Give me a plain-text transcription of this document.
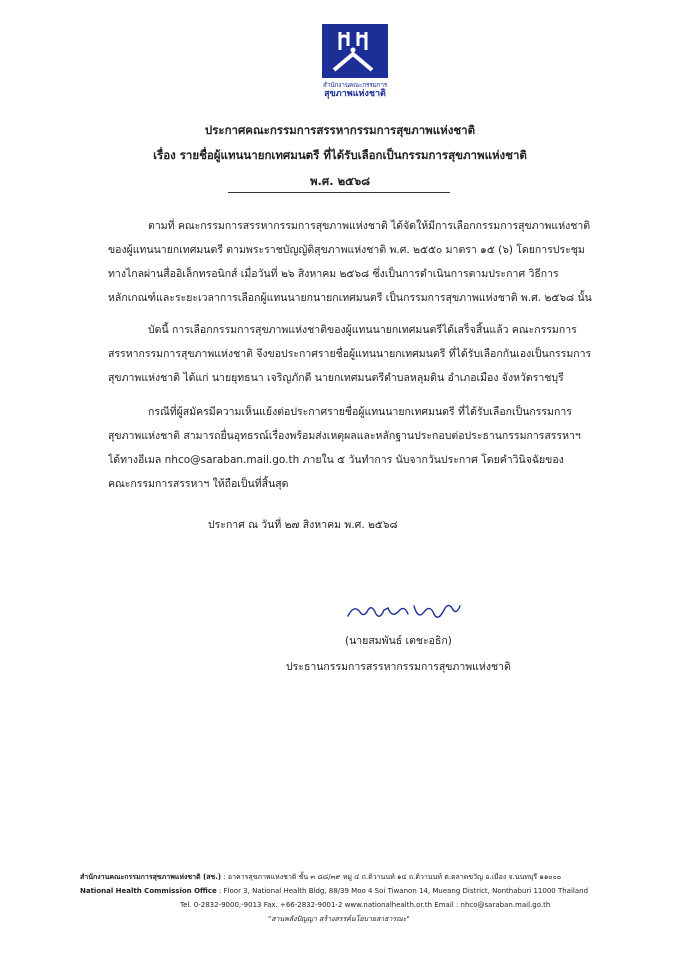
สำนักงานคณะกรรมการ
สุขภาพแห่งชาติ
ประกาศคณะกรรมการสรรหากรรมการสุขภาพแห่งชาติ
เรื่อง รายชื่อผู้แทนนายกเทศมนตรี ที่ได้รับเลือกเป็นกรรมการสุขภาพแห่งชาติ
พ.ศ. ๒๕๖๘
ตามที่ คณะกรรมการสรรหากรรมการสุขภาพแห่งชาติ ได้จัดให้มีการเลือกกรรมการสุขภาพแห่งชาติ
ของผู้แทนนายกเทศมนตรี ตามพระราชบัญญัติสุขภาพแห่งชาติ พ.ศ. ๒๕๕๐ มาตรา ๑๕ (๖) โดยการประชุม
ทางไกลผ่านสื่ออิเล็กทรอนิกส์ เมื่อวันที่ ๒๖ สิงหาคม ๒๕๖๘ ซึ่งเป็นการดำเนินการตามประกาศ วิธีการ
หลักเกณฑ์และระยะเวลาการเลือกผู้แทนนายกนายกเทศมนตรี เป็นกรรมการสุขภาพแห่งชาติ พ.ศ. ๒๕๖๘ นั้น
บัดนี้ การเลือกกรรมการสุขภาพแห่งชาติของผู้แทนนายกเทศมนตรีได้เสร็จสิ้นแล้ว คณะกรรมการ
สรรหากรรมการสุขภาพแห่งชาติ จึงขอประกาศรายชื่อผู้แทนนายกเทศมนตรี ที่ได้รับเลือกกันเองเป็นกรรมการ
สุขภาพแห่งชาติ ได้แก่ นายยุทธนา เจริญภักดี นายกเทศมนตรีตำบลหลุมดิน อำเภอเมือง จังหวัดราชบุรี
กรณีที่ผู้สมัครมีความเห็นแย้งต่อประกาศรายชื่อผู้แทนนายกเทศมนตรี ที่ได้รับเลือกเป็นกรรมการ
สุขภาพแห่งชาติ สามารถยื่นอุทธรณ์เรื่องพร้อมส่งเหตุผลและหลักฐานประกอบต่อประธานกรรมการสรรหาฯ
ได้ทางอีเมล nhco@saraban.mail.go.th ภายใน ๕ วันทำการ นับจากวันประกาศ โดยคำวินิจฉัยของ
คณะกรรมการสรรหาฯ ให้ถือเป็นที่สิ้นสุด
ประกาศ ณ วันที่ ๒๗ สิงหาคม พ.ศ. ๒๕๖๘
(นายสมพันธ์ เตชะอธิก)
ประธานกรรมการสรรหากรรมการสุขภาพแห่งชาติ
สำนักงานคณะกรรมการสุขภาพแห่งชาติ (สช.) : อาคารสุขภาพแห่งชาติ ชั้น ๓ ๘๘/๓๙ หมู่ ๔ ถ.ติวานนท์ ๑๔ ถ.ติวานนท์ ต.ตลาดขวัญ อ.เมือง จ.นนทบุรี ๑๑๐๐๐
National Health Commission Office : Floor 3, National Health Bldg, 88/39 Moo 4 Soi Tiwanon 14, Mueang District, Nonthaburi 11000 Thailand
Tel. 0-2832-9000,-9013 Fax. +66-2832-9001-2 www.nationalhealth.or.th Email : nhco@saraban.mail.go.th
"สานพลังปัญญา สร้างสรรค์นโยบายสาธารณะ"
